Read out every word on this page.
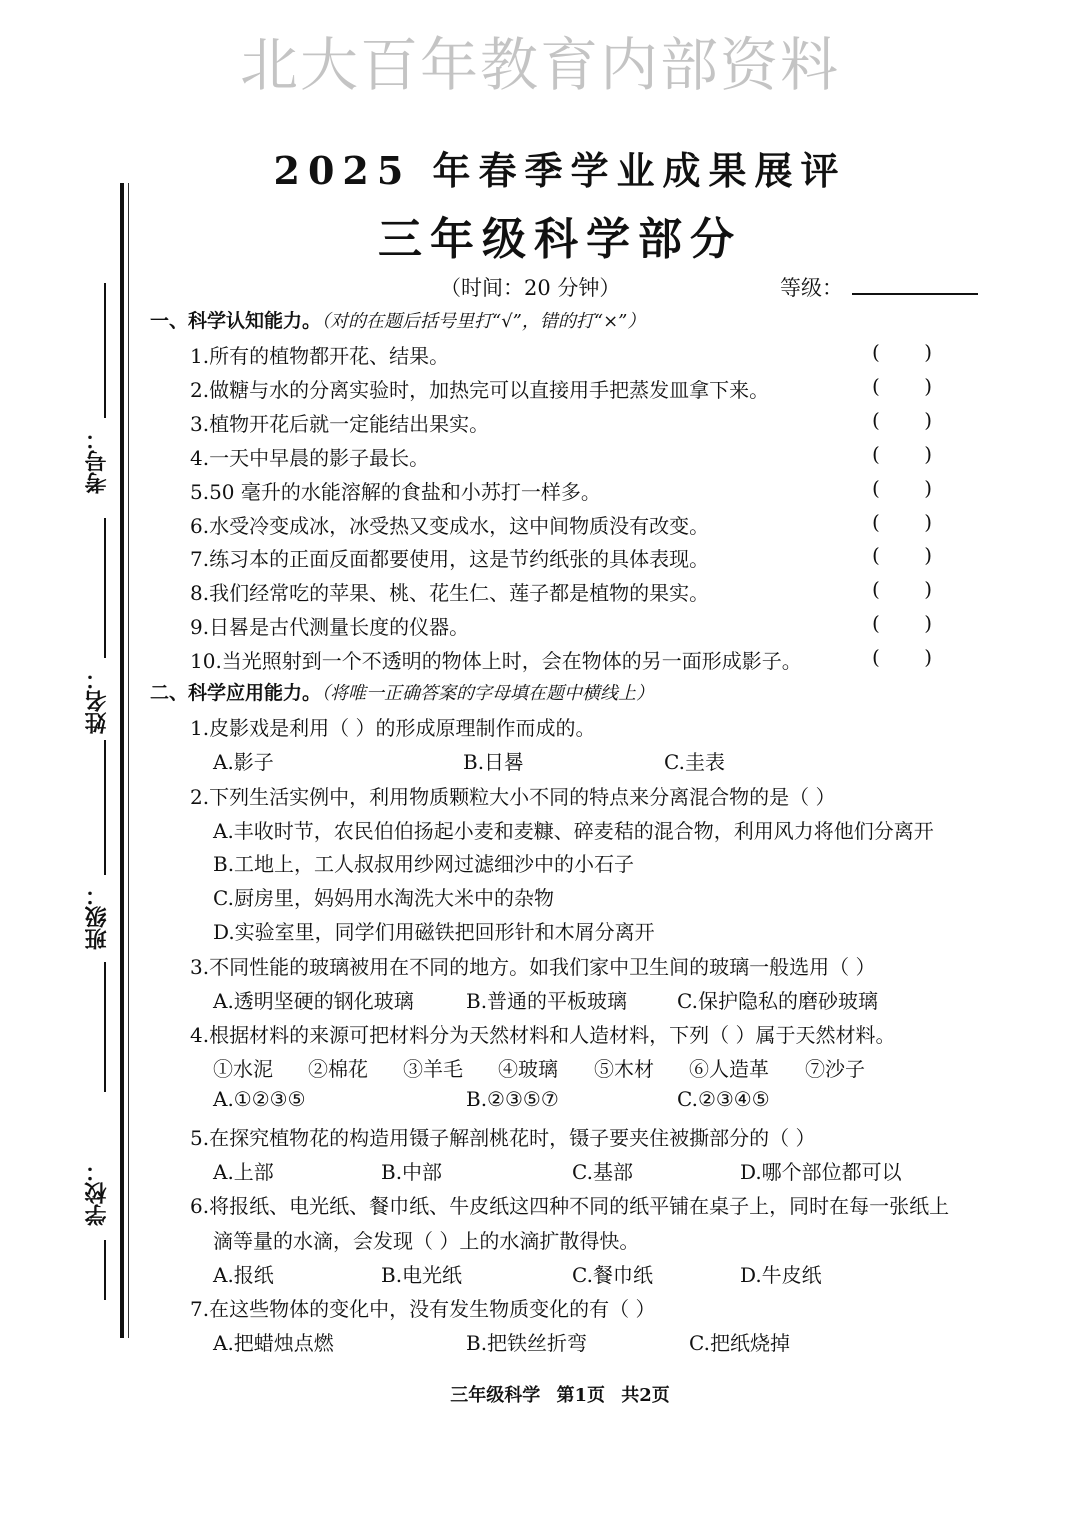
北大百年教育内部资料
2025 年春季学业成果展评
三年级科学部分
（时间：20 分钟）	等级：
考号：
姓名：
班级：
学校：
一、科学认知能力。（对的在题后括号里打“√”，错的打“×”）
1.所有的植物都开花、结果。	(       )
2.做糖与水的分离实验时，加热完可以直接用手把蒸发皿拿下来。	(       )
3.植物开花后就一定能结出果实。	(       )
4.一天中早晨的影子最长。	(       )
5.50 毫升的水能溶解的食盐和小苏打一样多。	(       )
6.水受冷变成冰，冰受热又变成水，这中间物质没有改变。	(       )
7.练习本的正面反面都要使用，这是节约纸张的具体表现。	(       )
8.我们经常吃的苹果、桃、花生仁、莲子都是植物的果实。	(       )
9.日晷是古代测量长度的仪器。	(       )
10.当光照射到一个不透明的物体上时，会在物体的另一面形成影子。	(       )
二、科学应用能力。（将唯一正确答案的字母填在题中横线上）
1.皮影戏是利用（ ）的形成原理制作而成的。
A.影子	B.日晷	C.圭表
2.下列生活实例中，利用物质颗粒大小不同的特点来分离混合物的是（ ）
A.丰收时节，农民伯伯扬起小麦和麦糠、碎麦秸的混合物，利用风力将他们分离开
B.工地上，工人叔叔用纱网过滤细沙中的小石子
C.厨房里，妈妈用水淘洗大米中的杂物
D.实验室里，同学们用磁铁把回形针和木屑分离开
3.不同性能的玻璃被用在不同的地方。如我们家中卫生间的玻璃一般选用（ ）
A.透明坚硬的钢化玻璃	B.普通的平板玻璃 C.保护隐私的磨砂玻璃
4.根据材料的来源可把材料分为天然材料和人造材料，下列（ ）属于天然材料。
①水泥 ②棉花 ③羊毛 ④玻璃 ⑤木材 ⑥人造革 ⑦沙子
A.①②③⑤	B.②③⑤⑦	C.②③④⑤
5.在探究植物花的构造用镊子解剖桃花时，镊子要夹住被撕部分的（ ）
A.上部	B.中部	C.基部	D.哪个部位都可以
6.将报纸、电光纸、餐巾纸、牛皮纸这四种不同的纸平铺在桌子上，同时在每一张纸上
滴等量的水滴，会发现（ ）上的水滴扩散得快。
A.报纸	B.电光纸	C.餐巾纸	D.牛皮纸
7.在这些物体的变化中，没有发生物质变化的有（ ）
A.把蜡烛点燃	B.把铁丝折弯	C.把纸烧掉
三年级科学 第1页 共2页
